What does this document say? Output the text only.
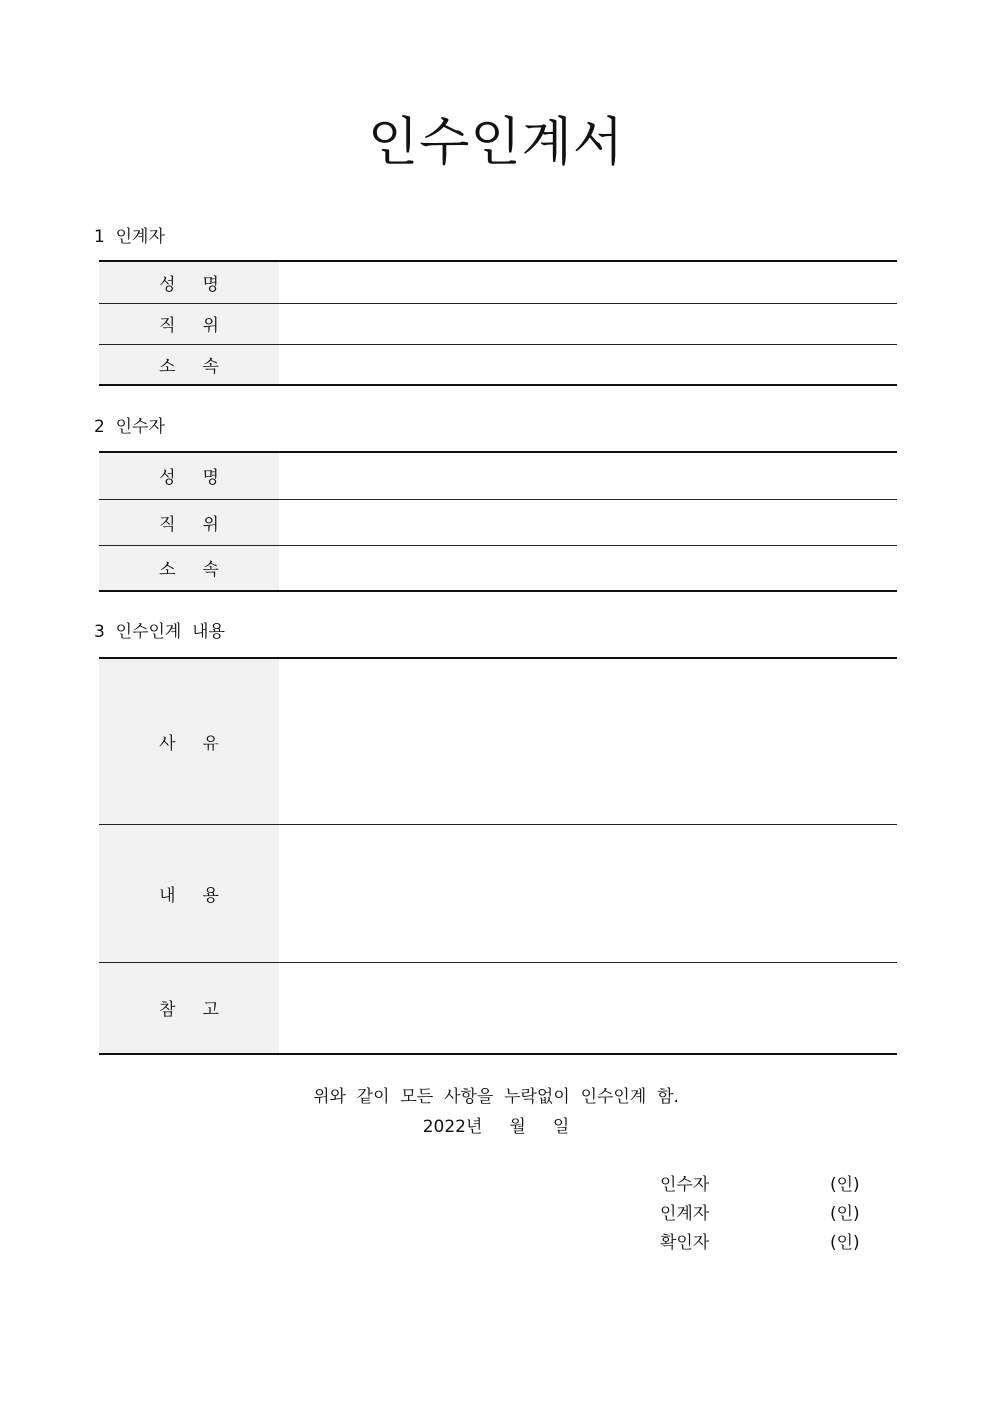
인수인계서
1  인계자
성     명	
직     위	
소     속	
2  인수자
성     명	
직     위	
소     속	
3  인수인계  내용
사     유	
내     용	
참     고	
위와  같이  모든  사항을  누락없이  인수인계  함.
2022년     월     일
인수자	(인)
인계자	(인)
확인자	(인)
